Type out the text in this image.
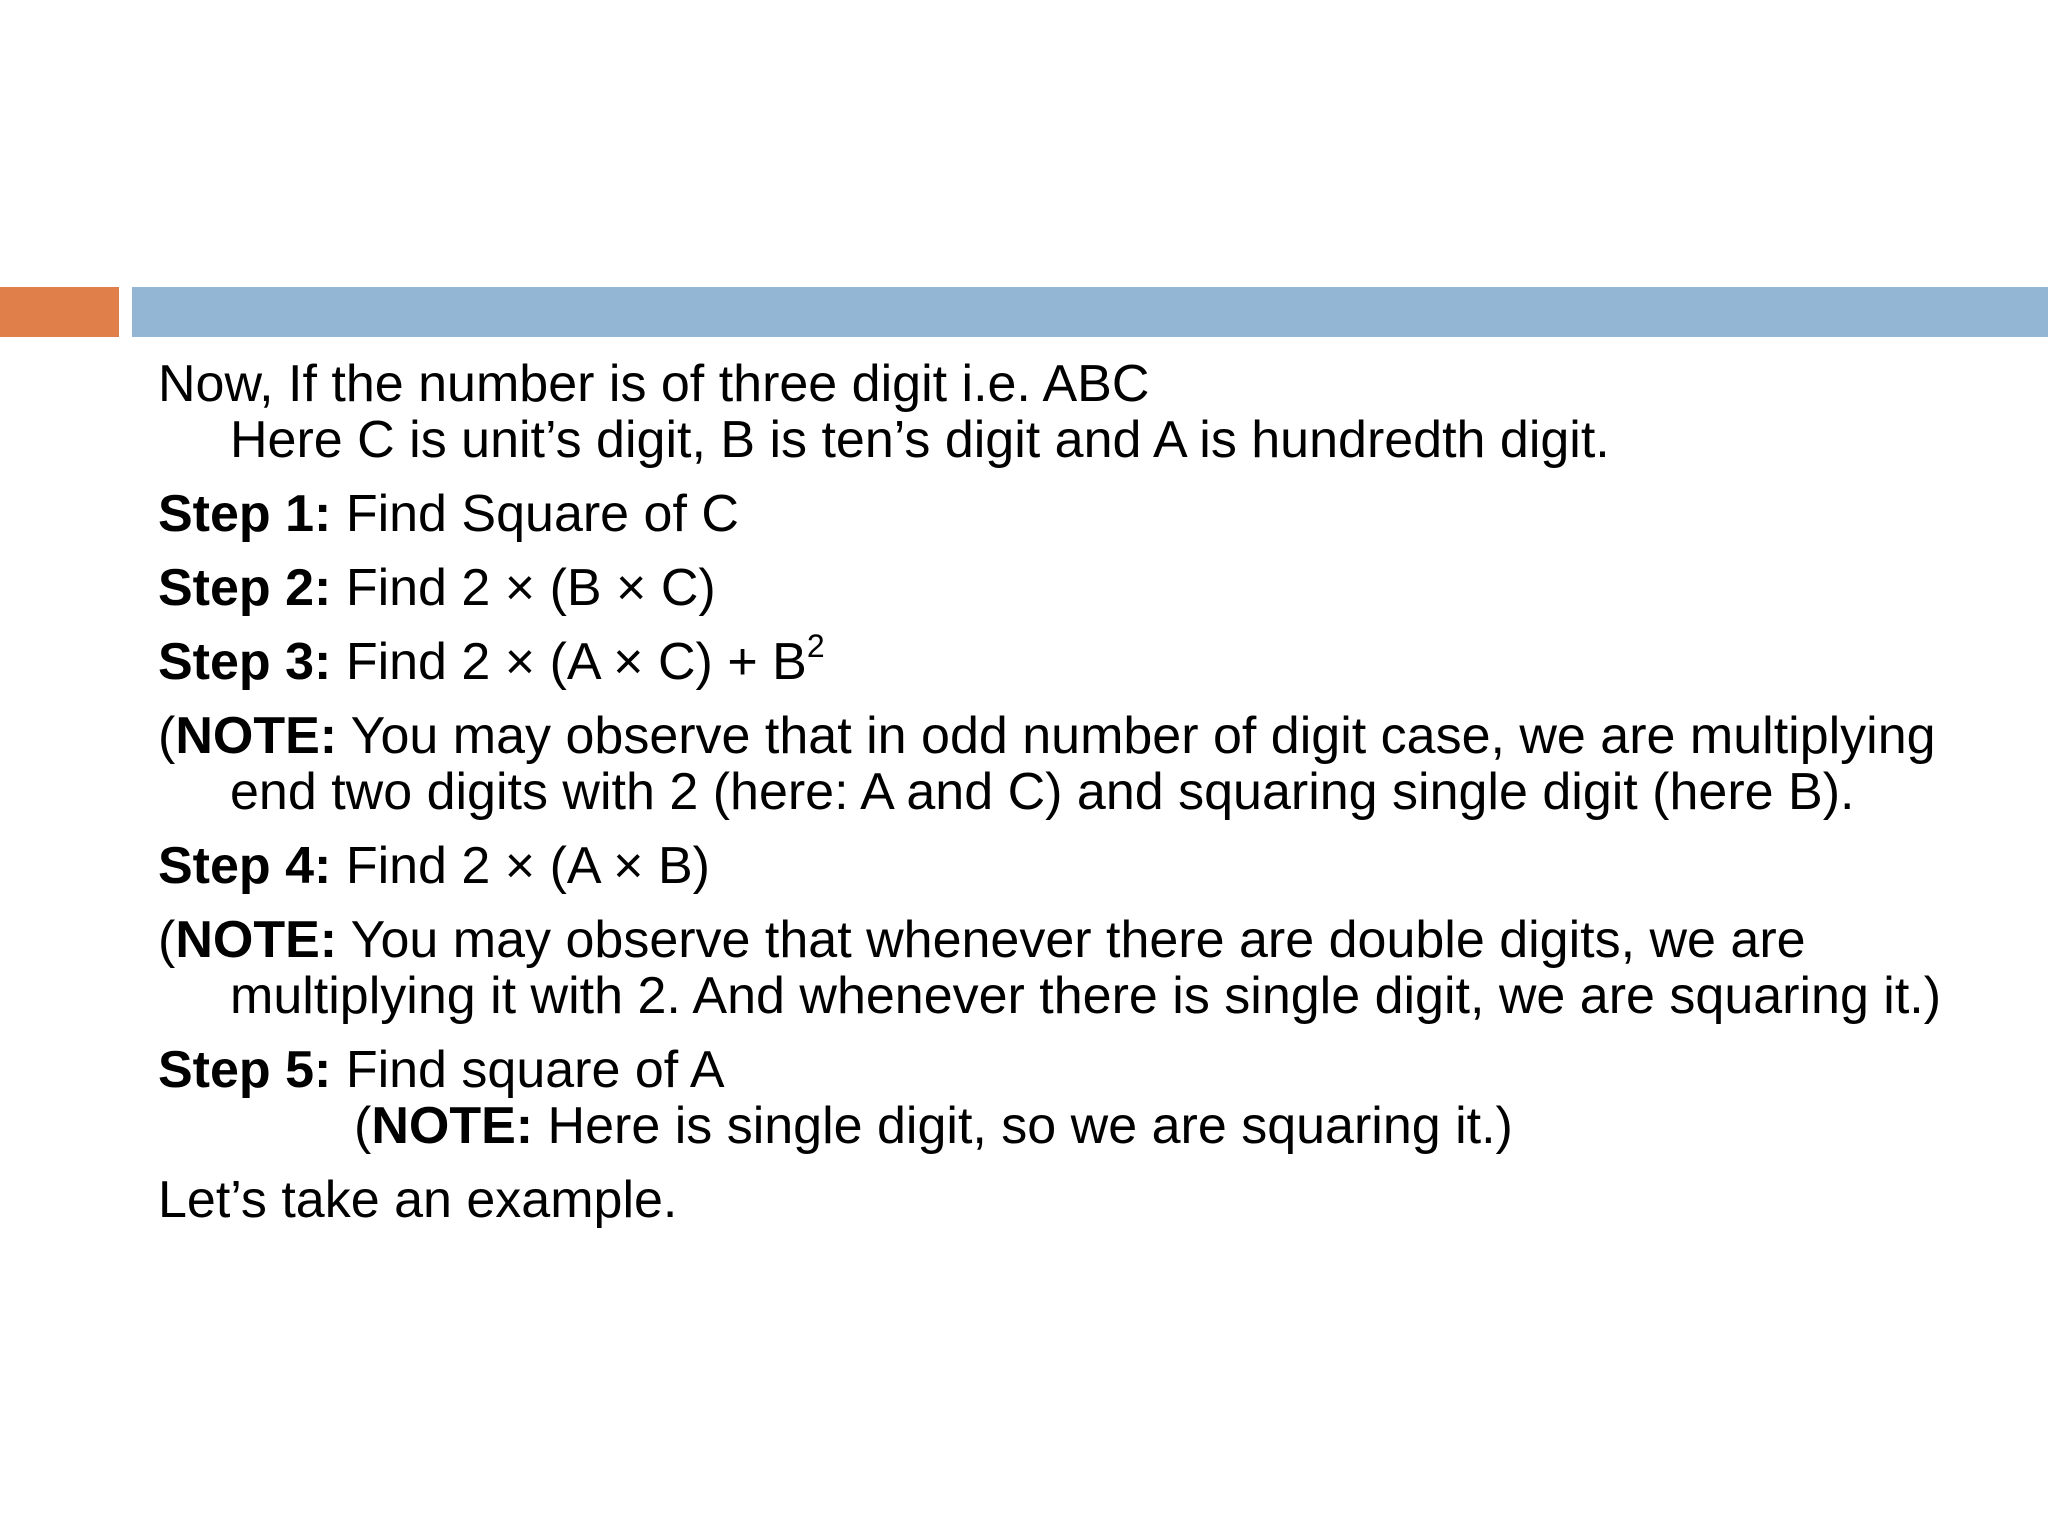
Now, If the number is of three digit i.e. ABC
Here C is unit’s digit, B is ten’s digit and A is hundredth digit.

Step 1: Find Square of C

Step 2: Find 2 × (B × C)

Step 3: Find $2 \times (A \times C) + B^2$

(NOTE: You may observe that in odd number of digit case, we are multiplying end two digits with 2 (here: A and C) and squaring single digit (here B).

Step 4: Find 2 × (A × B)

(NOTE: You may observe that whenever there are double digits, we are multiplying it with 2. And whenever there is single digit, we are squaring it.)

Step 5: Find square of A
(NOTE: Here is single digit, so we are squaring it.)

Let’s take an example.
